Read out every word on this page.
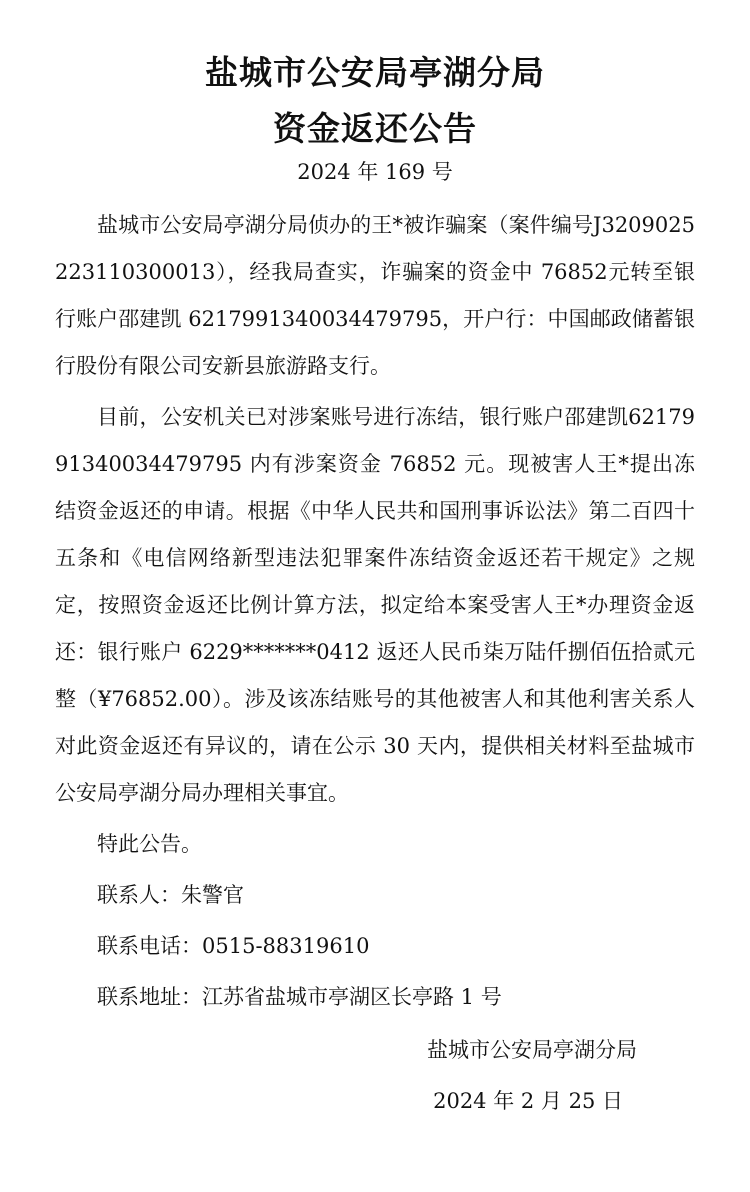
盐城市公安局亭湖分局
资金返还公告
2024 年 169 号

盐城市公安局亭湖分局侦办的王*被诈骗案（案件编号J3209025223110300013），经我局查实，诈骗案的资金中 76852元转至银行账户邵建凯 6217991340034479795，开户行：中国邮政储蓄银行股份有限公司安新县旅游路支行。

目前，公安机关已对涉案账号进行冻结，银行账户邵建凯6217991340034479795 内有涉案资金 76852 元。现被害人王*提出冻结资金返还的申请。根据《中华人民共和国刑事诉讼法》第二百四十五条和《电信网络新型违法犯罪案件冻结资金返还若干规定》之规定，按照资金返还比例计算方法，拟定给本案受害人王*办理资金返还：银行账户 6229*******0412 返还人民币柒万陆仟捌佰伍拾贰元整（¥76852.00）。涉及该冻结账号的其他被害人和其他利害关系人对此资金返还有异议的，请在公示 30 天内，提供相关材料至盐城市公安局亭湖分局办理相关事宜。

特此公告。

联系人：朱警官

联系电话：0515-88319610

联系地址：江苏省盐城市亭湖区长亭路 1 号

盐城市公安局亭湖分局

2024 年 2 月 25 日
